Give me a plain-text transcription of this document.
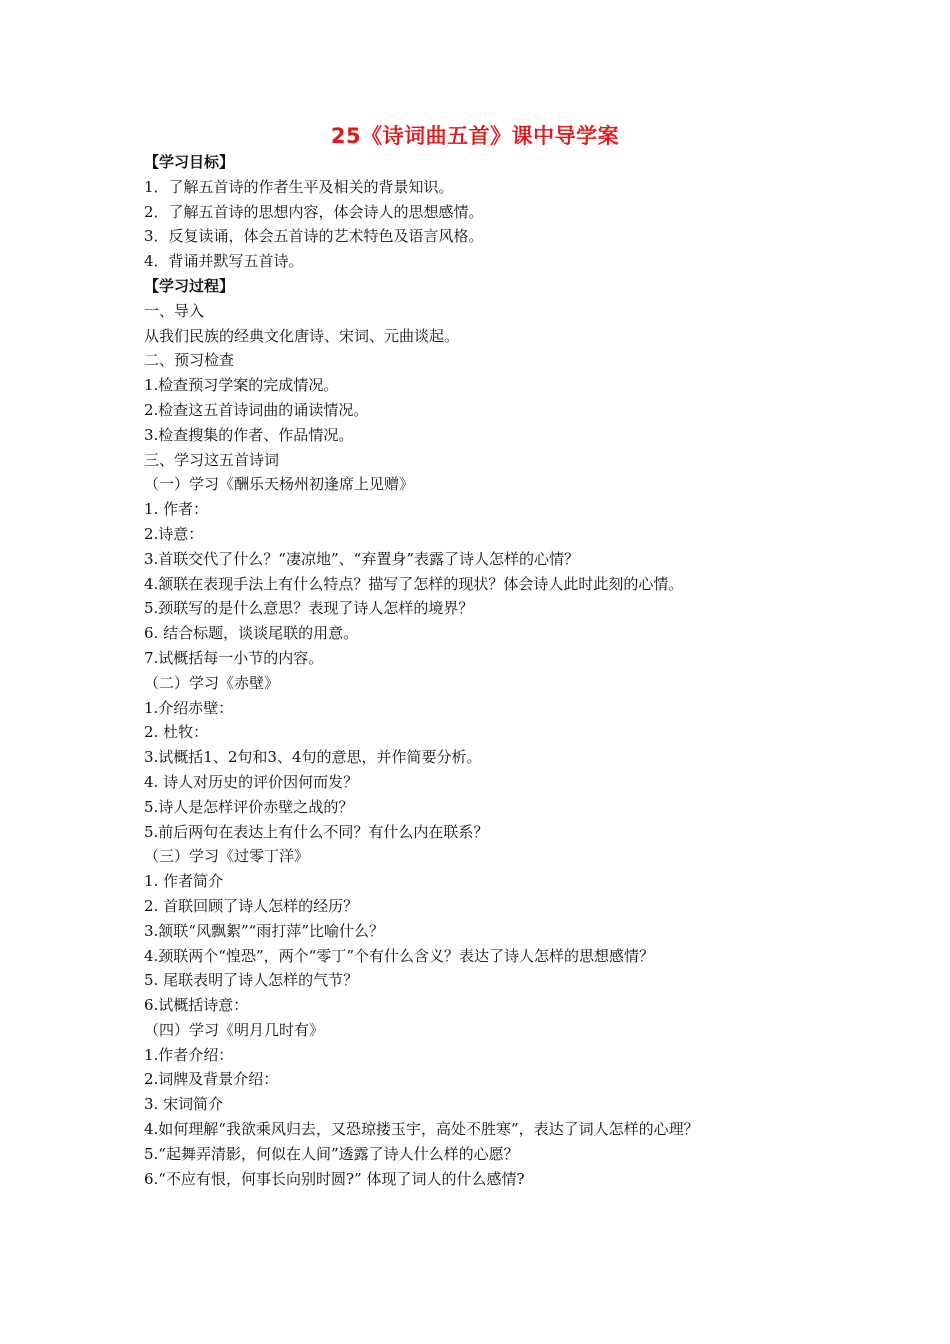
25《诗词曲五首》课中导学案
【学习目标】
1．了解五首诗的作者生平及相关的背景知识。
2．了解五首诗的思想内容，体会诗人的思想感情。
3．反复读诵，体会五首诗的艺术特色及语言风格。
4．背诵并默写五首诗。
【学习过程】
一、导入
从我们民族的经典文化唐诗、宋词、元曲谈起。
二、预习检查
1.检查预习学案的完成情况。
2.检查这五首诗词曲的诵读情况。
3.检查搜集的作者、作品情况。
三、学习这五首诗词
（一）学习《酬乐天杨州初逢席上见赠》
1. 作者：
2.诗意：
3.首联交代了什么？“凄凉地”、“弃置身”表露了诗人怎样的心情？
4.颔联在表现手法上有什么特点？描写了怎样的现状？体会诗人此时此刻的心情。
5.颈联写的是什么意思？表现了诗人怎样的境界？
6. 结合标题，谈谈尾联的用意。
7.试概括每一小节的内容。
（二）学习《赤壁》
1.介绍赤壁：
2. 杜牧：
3.试概括1、2句和3、4句的意思，并作简要分析。
4. 诗人对历史的评价因何而发？
5.诗人是怎样评价赤壁之战的？
5.前后两句在表达上有什么不同？有什么内在联系？
（三）学习《过零丁洋》
1. 作者简介
2. 首联回顾了诗人怎样的经历？
3.颔联“风飘絮”“雨打萍”比喻什么？
4.颈联两个“惶恐”，两个“零丁”个有什么含义？表达了诗人怎样的思想感情？
5. 尾联表明了诗人怎样的气节？
6.试概括诗意：
（四）学习《明月几时有》
1.作者介绍：
2.词牌及背景介绍：
3. 宋词简介
4.如何理解“我欲乘风归去，又恐琼搂玉宇，高处不胜寒”，表达了词人怎样的心理？
5.“起舞弄清影，何似在人间”透露了诗人什么样的心愿？
6.“不应有恨，何事长向别时圆?” 体现了词人的什么感情?
